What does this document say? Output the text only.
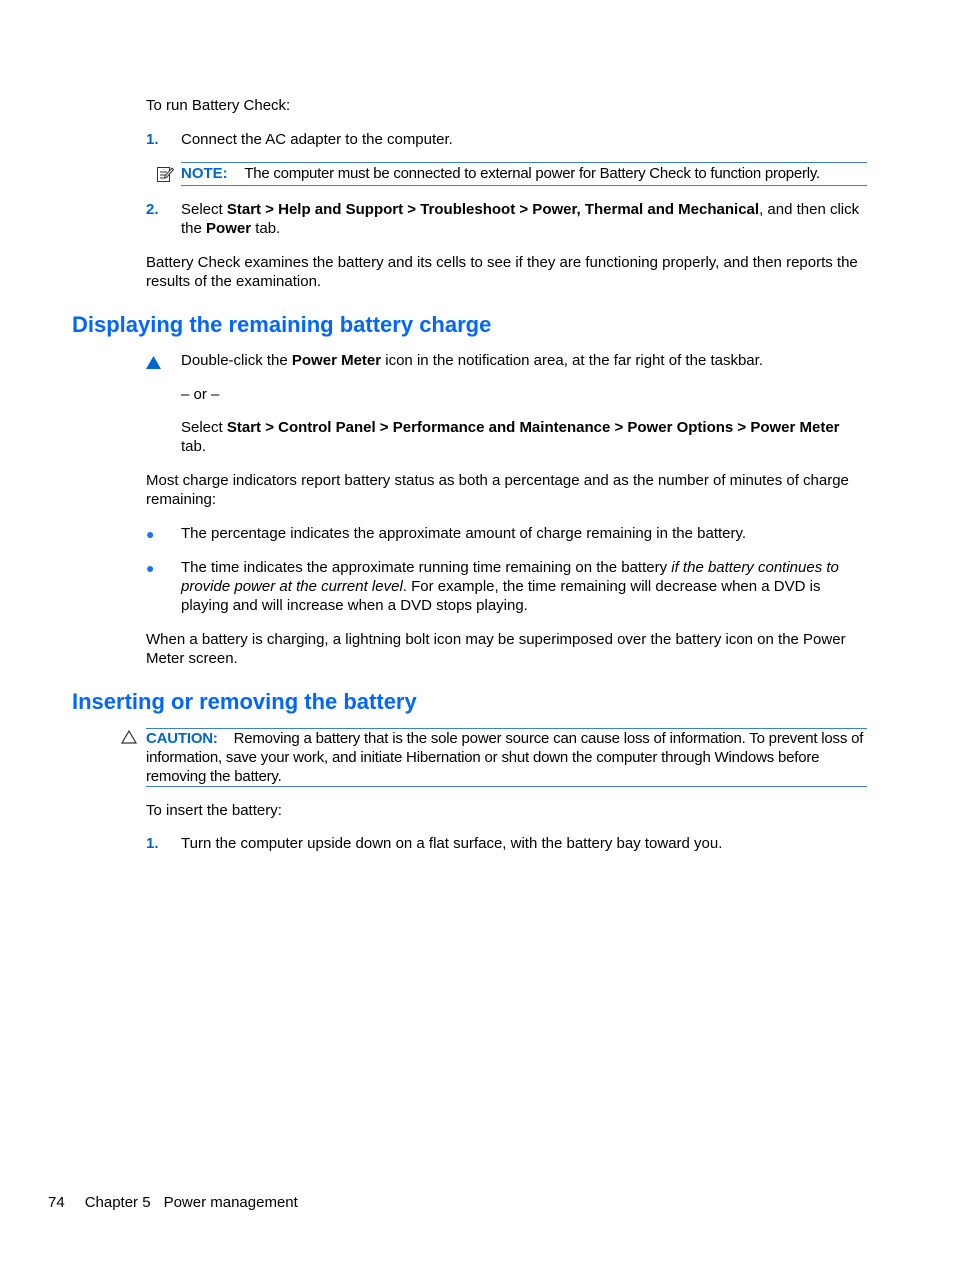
To run Battery Check:
1. Connect the AC adapter to the computer.
NOTE: The computer must be connected to external power for Battery Check to function properly.
2. Select Start > Help and Support > Troubleshoot > Power, Thermal and Mechanical, and then click the Power tab.
Battery Check examines the battery and its cells to see if they are functioning properly, and then reports the results of the examination.
Displaying the remaining battery charge
Double-click the Power Meter icon in the notification area, at the far right of the taskbar.
– or –
Select Start > Control Panel > Performance and Maintenance > Power Options > Power Meter tab.
Most charge indicators report battery status as both a percentage and as the number of minutes of charge remaining:
● The percentage indicates the approximate amount of charge remaining in the battery.
● The time indicates the approximate running time remaining on the battery if the battery continues to provide power at the current level. For example, the time remaining will decrease when a DVD is playing and will increase when a DVD stops playing.
When a battery is charging, a lightning bolt icon may be superimposed over the battery icon on the Power Meter screen.
Inserting or removing the battery
CAUTION: Removing a battery that is the sole power source can cause loss of information. To prevent loss of information, save your work, and initiate Hibernation or shut down the computer through Windows before removing the battery.
To insert the battery:
1. Turn the computer upside down on a flat surface, with the battery bay toward you.
74 Chapter 5 Power management
